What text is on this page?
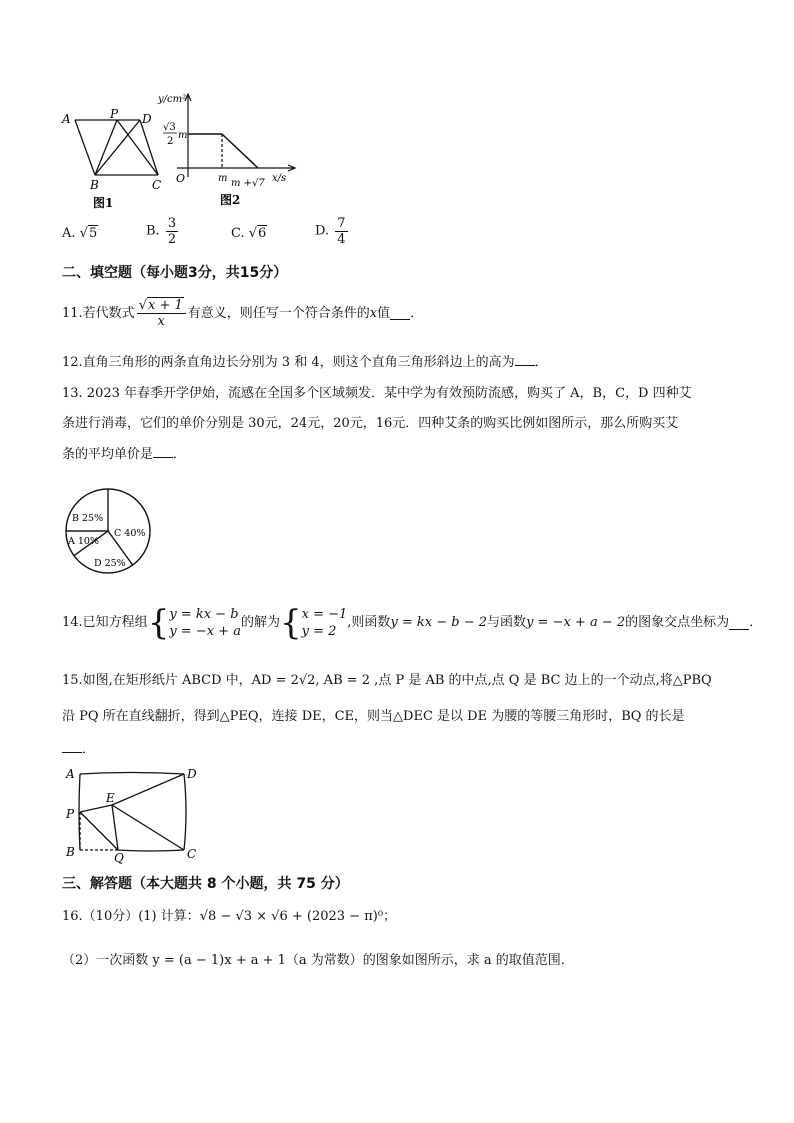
A	P D
B	C
图1
y/cm²
√3
2
m
O	m m +√7 x/s
图2
A. √5	B. $\frac{3}{2}$	C. √6	D. $\frac{7}{4}$
二、填空题（每小题3分，共15分）
11.若代数式 $\frac{√x + 1}{x}$ 有意义，则任写一个符合条件的 x 值 ．
12.直角三角形的两条直角边长分别为 3 和 4，则这个直角三角形斜边上的高为 ．
13. 2023 年春季开学伊始，流感在全国多个区域频发．某中学为有效预防流感，购买了 A，B，C，D 四种艾
条进行消毒，它们的单价分别是 30元，24元，20元，16元．四种艾条的购买比例如图所示，那么所购买艾
条的平均单价是 ．
A 10%
B 25%
C 40%
D 25%
14.已知方程组 { y = kx − b
y = −x + a
的解为 { x = −1
y = 2
,则函数 y = kx − b − 2 与函数 y = −x + a − 2 的图象交点坐标为 ．
15.如图,在矩形纸片 ABCD 中，AD = 2√2, AB = 2 ,点 P 是 AB 的中点,点 Q 是 BC 边上的一个动点,将△PBQ
沿 PQ 所在直线翻折，得到△PEQ，连接 DE，CE，则当△DEC 是以 DE 为腰的等腰三角形时，BQ 的长是
．
A	D
E
P
B	Q	C
三、解答题（本大题共 8 个小题，共 75 分）
16.（10分）(1) 计算：√8 − √3 × √6 + (2023 − π)⁰；
（2）一次函数 y = (a − 1)x + a + 1（a 为常数）的图象如图所示，求 a 的取值范围.
